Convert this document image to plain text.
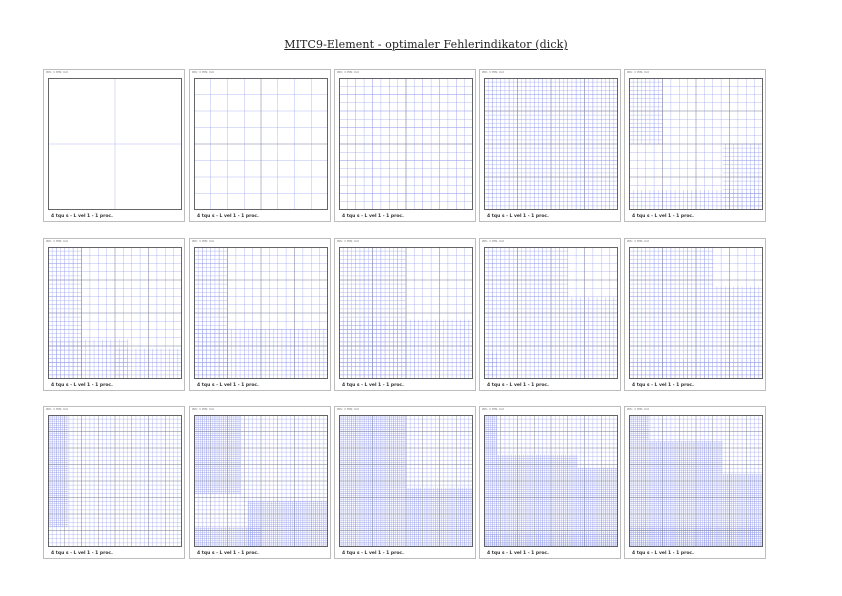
MITC9-Element - optimaler Fehlerindikator (dick)
Wh: = PW: md
4 tqu s - L vel 1 - 1 proc.
Wh: = PW: md
4 tqu s - L vel 1 - 1 proc.
Wh: = PW: md
4 tqu s - L vel 1 - 1 proc.
Wh: = PW: md
4 tqu s - L vel 1 - 1 proc.
Wh: = PW: md
4 tqu s - L vel 1 - 1 proc.
Wh: = PW: md
4 tqu s - L vel 1 - 1 proc.
Wh: = PW: md
4 tqu s - L vel 1 - 1 proc.
Wh: = PW: md
4 tqu s - L vel 1 - 1 proc.
Wh: = PW: md
4 tqu s - L vel 1 - 1 proc.
Wh: = PW: md
4 tqu s - L vel 1 - 1 proc.
Wh: = PW: md
4 tqu s - L vel 1 - 1 proc.
Wh: = PW: md
4 tqu s - L vel 1 - 1 proc.
Wh: = PW: md
4 tqu s - L vel 1 - 1 proc.
Wh: = PW: md
4 tqu s - L vel 1 - 1 proc.
Wh: = PW: md
4 tqu s - L vel 1 - 1 proc.
